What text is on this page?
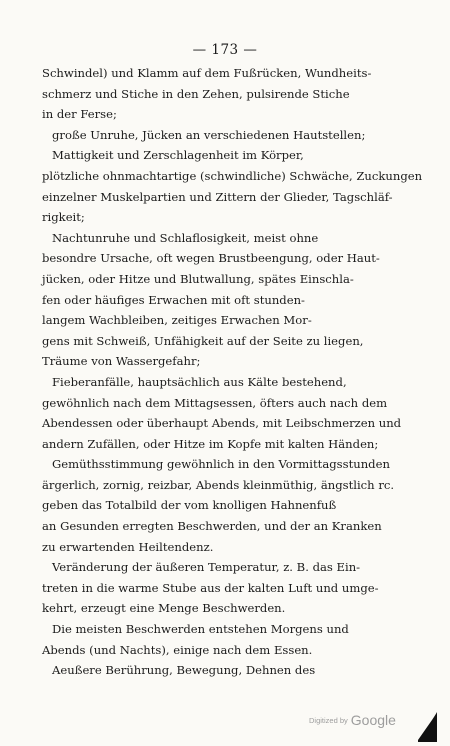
— 173 —
Schwindel) und Klamm auf dem Fußrücken, Wundheits-
schmerz und Stiche in den Zehen, pulsirende Stiche
in der Ferse;
große Unruhe, Jücken an verschiedenen Hautstellen;
Mattigkeit und Zerschlagenheit im Körper,
plötzliche ohnmachtartige (schwindliche) Schwäche, Zuckungen
einzelner Muskelpartien und Zittern der Glieder, Tagschläf-
rigkeit;
Nachtunruhe und Schlaflosigkeit, meist ohne
besondre Ursache, oft wegen Brustbeengung, oder Haut-
jücken, oder Hitze und Blutwallung, spätes Einschla-
fen oder häufiges Erwachen mit oft stunden-
langem Wachbleiben, zeitiges Erwachen Mor-
gens mit Schweiß, Unfähigkeit auf der Seite zu liegen,
Träume von Wassergefahr;
Fieberanfälle, hauptsächlich aus Kälte bestehend,
gewöhnlich nach dem Mittagsessen, öfters auch nach dem
Abendessen oder überhaupt Abends, mit Leibschmerzen und
andern Zufällen, oder Hitze im Kopfe mit kalten Händen;
Gemüthsstimmung gewöhnlich in den Vormittagsstunden
ärgerlich, zornig, reizbar, Abends kleinmüthig, ängstlich rc.
geben das Totalbild der vom knolligen Hahnenfuß
an Gesunden erregten Beschwerden, und der an Kranken
zu erwartenden Heiltendenz.
Veränderung der äußeren Temperatur, z. B. das Ein-
treten in die warme Stube aus der kalten Luft und umge-
kehrt, erzeugt eine Menge Beschwerden.
Die meisten Beschwerden entstehen Morgens und
Abends (und Nachts), einige nach dem Essen.
Aeußere Berührung, Bewegung, Dehnen des
Digitized by Google
